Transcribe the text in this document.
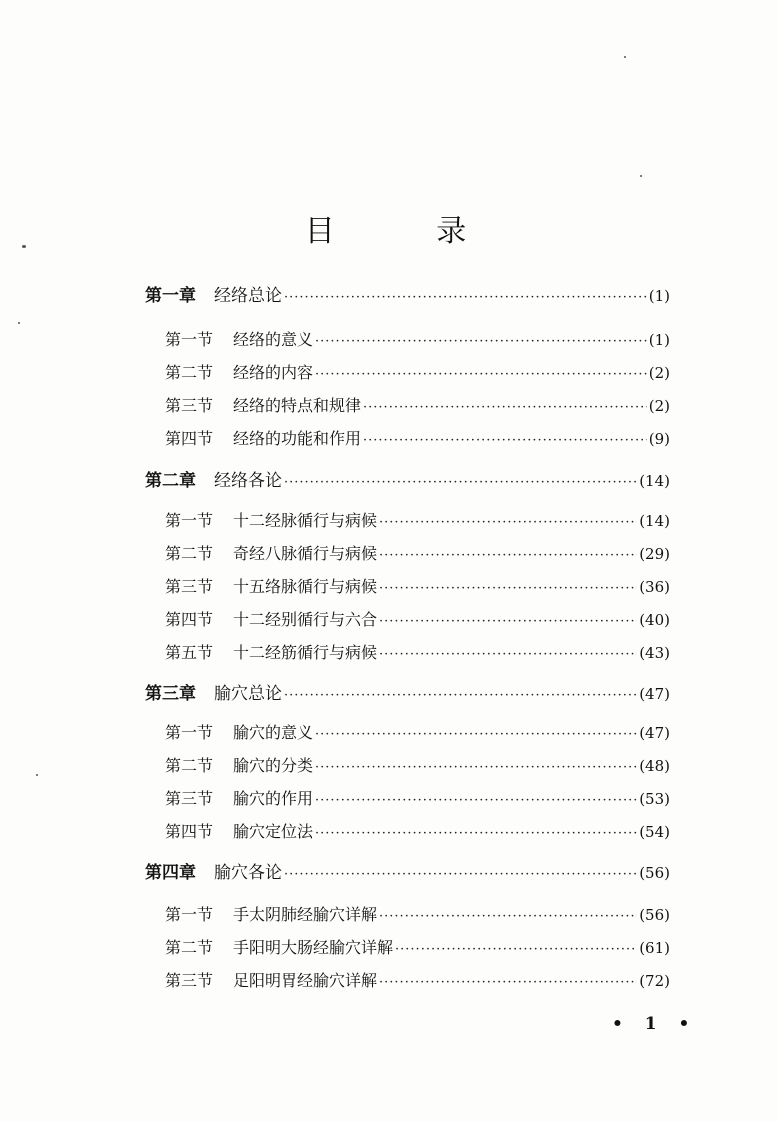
目 录
第一章 经络总论 ·····	(1)
第一节 经络的意义 ·····	(1)
第二节 经络的内容 ·····	(2)
第三节 经络的特点和规律 ·····	(2)
第四节 经络的功能和作用 ·····	(9)
第二章 经络各论 ·····	(14)
第一节 十二经脉循行与病候 ·····	(14)
第二节 奇经八脉循行与病候 ·····	(29)
第三节 十五络脉循行与病候 ·····	(36)
第四节 十二经别循行与六合 ·····	(40)
第五节 十二经筋循行与病候 ·····	(43)
第三章 腧穴总论 ·····	(47)
第一节 腧穴的意义 ·····	(47)
第二节 腧穴的分类 ·····	(48)
第三节 腧穴的作用 ·····	(53)
第四节 腧穴定位法 ·····	(54)
第四章 腧穴各论 ·····	(56)
第一节 手太阴肺经腧穴详解 ·····	(56)
第二节 手阳明大肠经腧穴详解 ·····	(61)
第三节 足阳明胃经腧穴详解 ·····	(72)
• 1 •
